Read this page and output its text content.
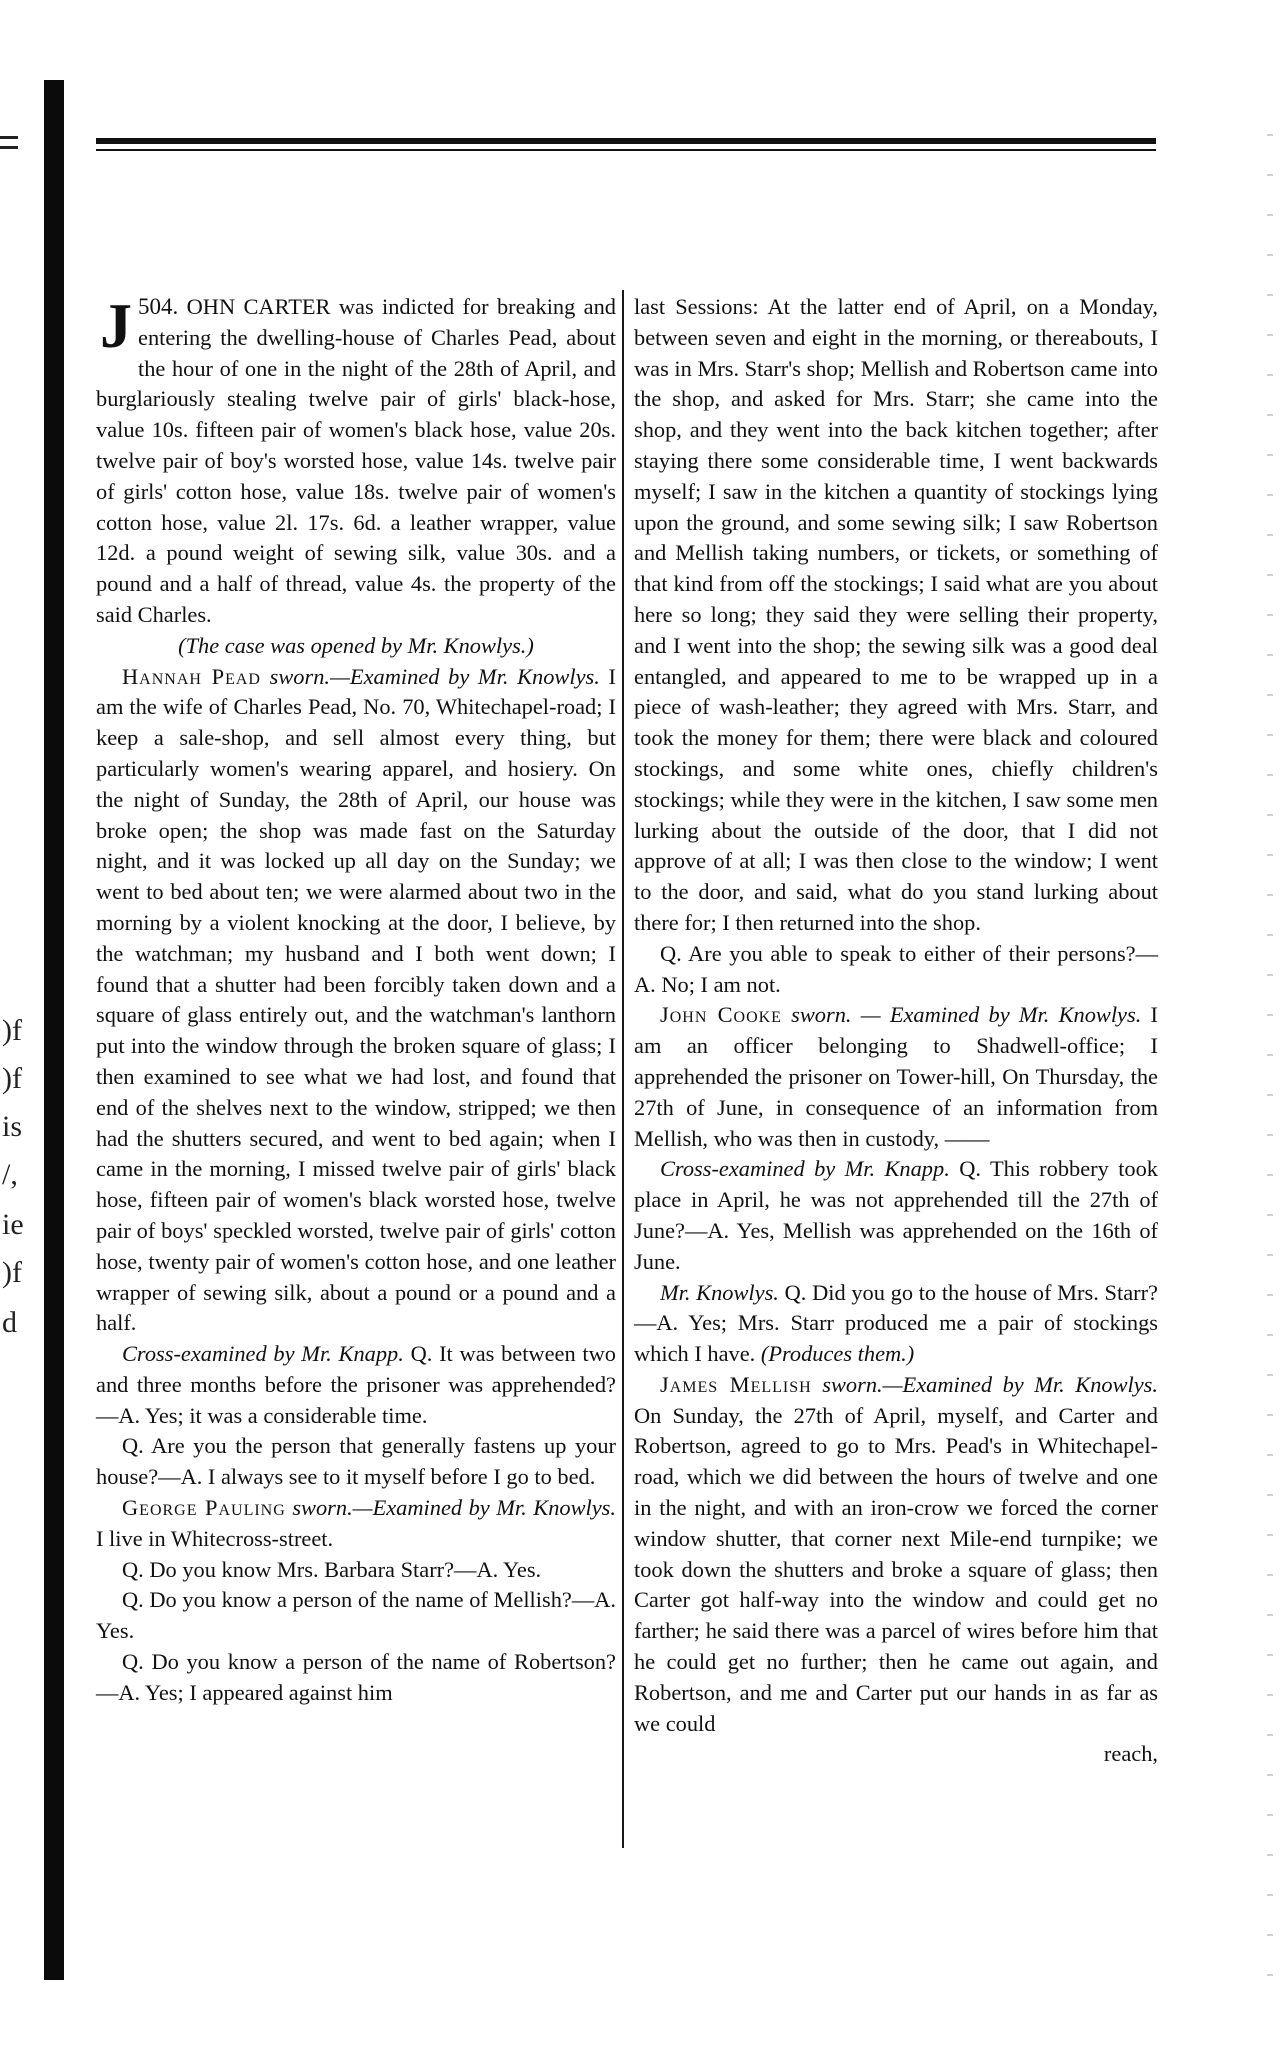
)f
)f
is
/,
ie
)f
d

504.
J OHN CARTER was indicted for breaking and entering the dwelling-house of Charles Pead, about the hour of one in the night of the 28th of April, and burglariously stealing twelve pair of girls' black-hose, value 10s. fifteen pair of women's black hose, value 20s. twelve pair of boy's worsted hose, value 14s. twelve pair of girls' cotton hose, value 18s. twelve pair of women's cotton hose, value 2l. 17s. 6d. a leather wrapper, value 12d. a pound weight of sewing silk, value 30s. and a pound and a half of thread, value 4s. the property of the said Charles.

(The case was opened by Mr. Knowlys.)

Hannah Pead sworn.—Examined by Mr. Knowlys. I am the wife of Charles Pead, No. 70, Whitechapel-road; I keep a sale-shop, and sell almost every thing, but particularly women's wearing apparel, and hosiery. On the night of Sunday, the 28th of April, our house was broke open; the shop was made fast on the Saturday night, and it was locked up all day on the Sunday; we went to bed about ten; we were alarmed about two in the morning by a violent knocking at the door, I believe, by the watchman; my husband and I both went down; I found that a shutter had been forcibly taken down and a square of glass entirely out, and the watchman's lanthorn put into the window through the broken square of glass; I then examined to see what we had lost, and found that end of the shelves next to the window, stripped; we then had the shutters secured, and went to bed again; when I came in the morning, I missed twelve pair of girls' black hose, fifteen pair of women's black worsted hose, twelve pair of boys' speckled worsted, twelve pair of girls' cotton hose, twenty pair of women's cotton hose, and one leather wrapper of sewing silk, about a pound or a pound and a half.

Cross-examined by Mr. Knapp. Q. It was between two and three months before the prisoner was apprehended?—A. Yes; it was a considerable time.

Q. Are you the person that generally fastens up your house?—A. I always see to it myself before I go to bed.

George Pauling sworn.—Examined by Mr. Knowlys. I live in Whitecross-street.

Q. Do you know Mrs. Barbara Starr?—A. Yes.

Q. Do you know a person of the name of Mellish?—A. Yes.

Q. Do you know a person of the name of Robertson?—A. Yes; I appeared against him

last Sessions: At the latter end of April, on a Monday, between seven and eight in the morning, or thereabouts, I was in Mrs. Starr's shop; Mellish and Robertson came into the shop, and asked for Mrs. Starr; she came into the shop, and they went into the back kitchen together; after staying there some considerable time, I went backwards myself; I saw in the kitchen a quantity of stockings lying upon the ground, and some sewing silk; I saw Robertson and Mellish taking numbers, or tickets, or something of that kind from off the stockings; I said what are you about here so long; they said they were selling their property, and I went into the shop; the sewing silk was a good deal entangled, and appeared to me to be wrapped up in a piece of wash-leather; they agreed with Mrs. Starr, and took the money for them; there were black and coloured stockings, and some white ones, chiefly children's stockings; while they were in the kitchen, I saw some men lurking about the outside of the door, that I did not approve of at all; I was then close to the window; I went to the door, and said, what do you stand lurking about there for; I then returned into the shop.

Q. Are you able to speak to either of their persons?—A. No; I am not.

John Cooke sworn. — Examined by Mr. Knowlys. I am an officer belonging to Shadwell-office; I apprehended the prisoner on Tower-hill, On Thursday, the 27th of June, in consequence of an information from Mellish, who was then in custody, ——

Cross-examined by Mr. Knapp. Q. This robbery took place in April, he was not apprehended till the 27th of June?—A. Yes, Mellish was apprehended on the 16th of June.

Mr. Knowlys. Q. Did you go to the house of Mrs. Starr?—A. Yes; Mrs. Starr produced me a pair of stockings which I have. (Produces them.)

James Mellish sworn.—Examined by Mr. Knowlys. On Sunday, the 27th of April, myself, and Carter and Robertson, agreed to go to Mrs. Pead's in Whitechapel-road, which we did between the hours of twelve and one in the night, and with an iron-crow we forced the corner window shutter, that corner next Mile-end turnpike; we took down the shutters and broke a square of glass; then Carter got half-way into the window and could get no farther; he said there was a parcel of wires before him that he could get no further; then he came out again, and Robertson, and me and Carter put our hands in as far as we could

reach,
